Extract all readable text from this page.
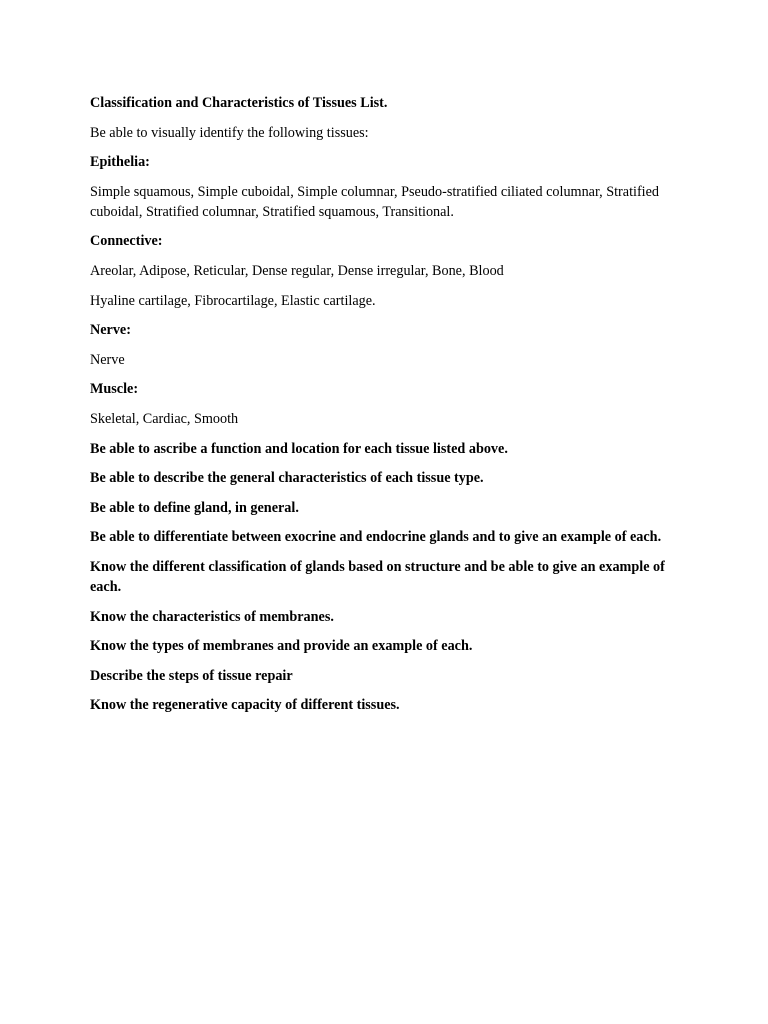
Classification and Characteristics of Tissues List.

Be able to visually identify the following tissues:

Epithelia:

Simple squamous, Simple cuboidal, Simple columnar, Pseudo-stratified ciliated columnar, Stratified cuboidal, Stratified columnar, Stratified squamous, Transitional.

Connective:

Areolar, Adipose, Reticular, Dense regular, Dense irregular, Bone, Blood

Hyaline cartilage, Fibrocartilage, Elastic cartilage.

Nerve:

Nerve

Muscle:

Skeletal, Cardiac, Smooth

Be able to ascribe a function and location for each tissue listed above.

Be able to describe the general characteristics of each tissue type.

Be able to define gland, in general.

Be able to differentiate between exocrine and endocrine glands and to give an example of each.

Know the different classification of glands based on structure and be able to give an example of each.

Know the characteristics of membranes.

Know the types of membranes and provide an example of each.

Describe the steps of tissue repair

Know the regenerative capacity of different tissues.
